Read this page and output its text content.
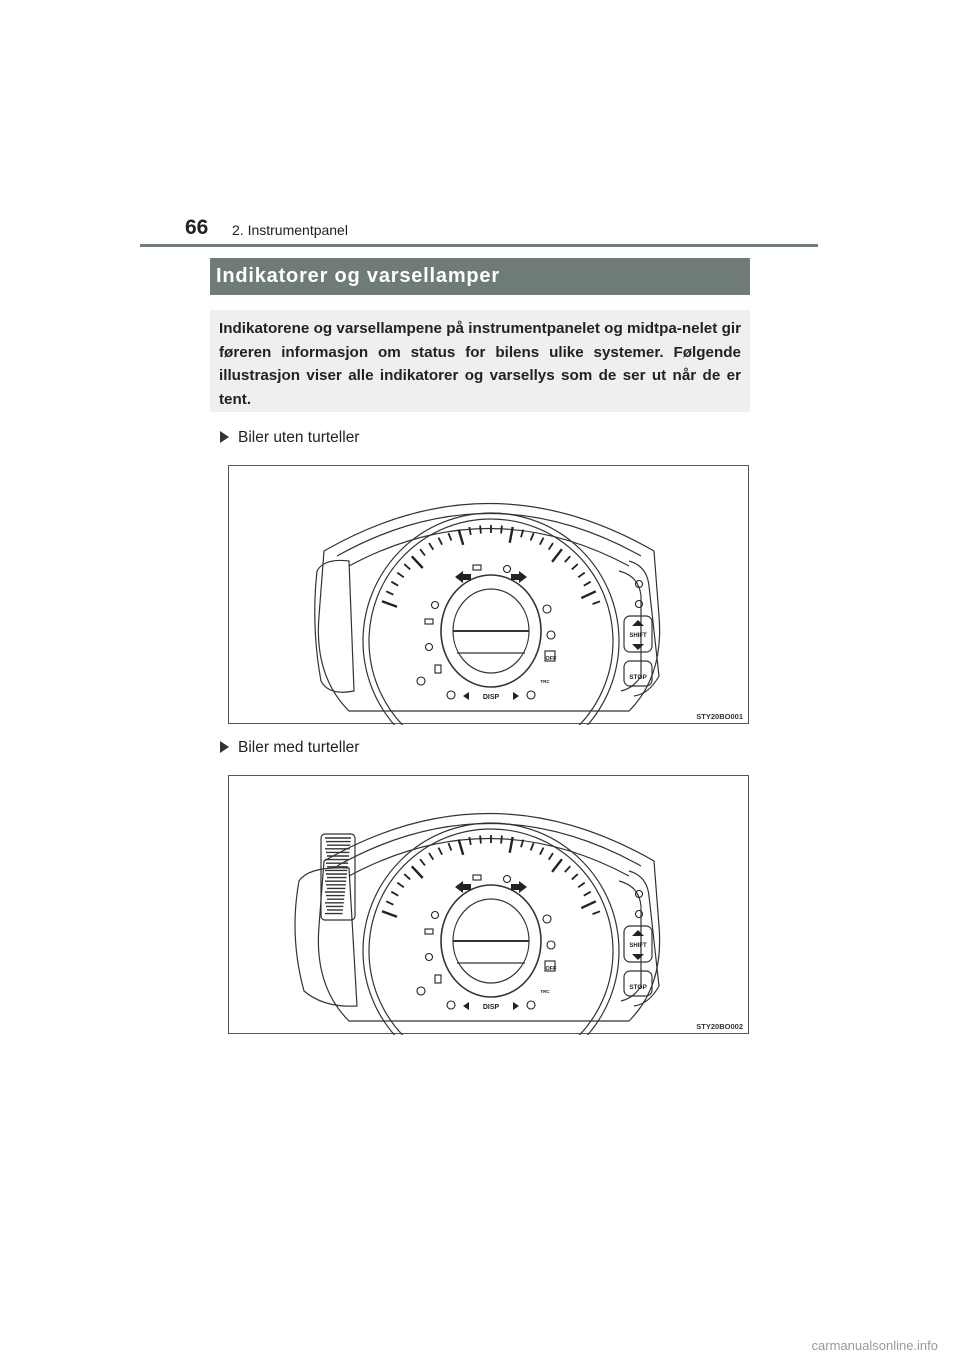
66 2. Instrumentpanel
Indikatorer og varsellamper

Indikatorene og varsellampene på instrumentpanelet og midtpa-nelet gir føreren informasjon om status for bilens ulike systemer. Følgende illustrasjon viser alle indikatorer og varsellys som de ser ut når de er tent.

Biler uten turteller
SHIFT
STOP
DISP
OFF
TRC
STY20BO001
Biler med turteller
SHIFT
STOP
DISP
OFF
TRC
STY20BO002
carmanualsonline.info
